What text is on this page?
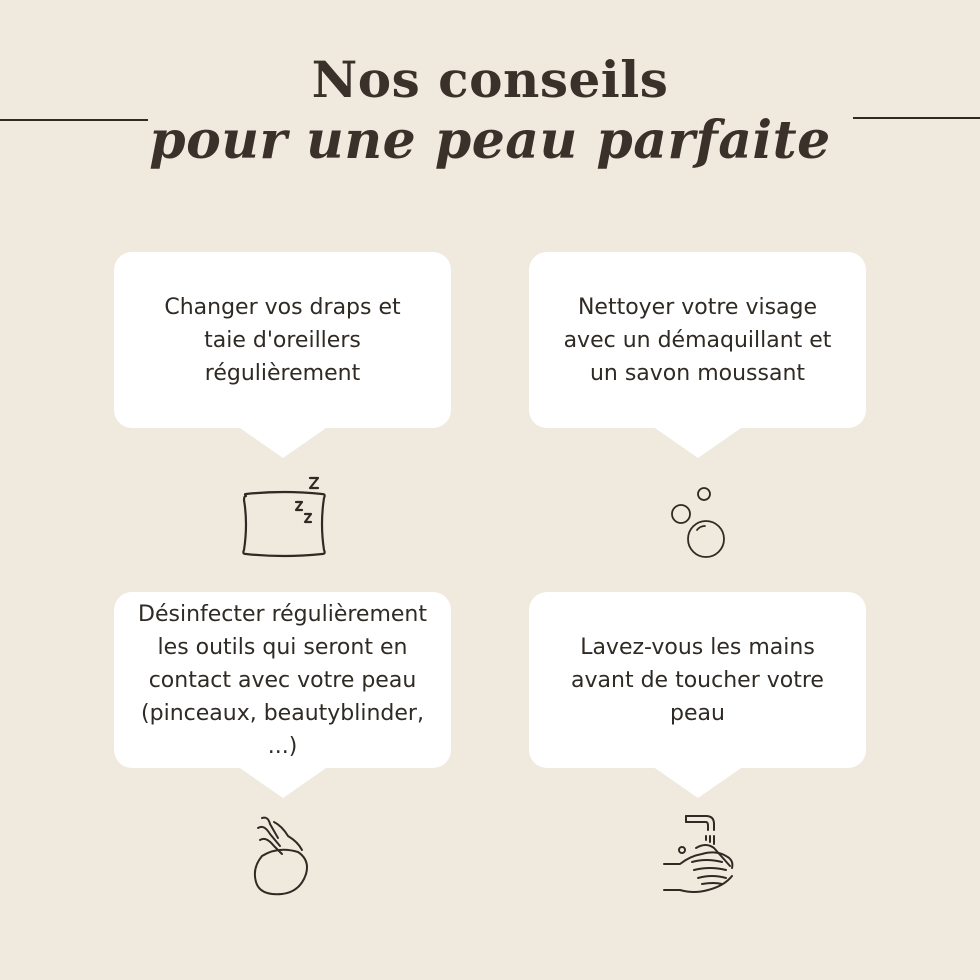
Nos conseils
pour une peau parfaite
Changer vos draps et
taie d'oreillers
régulièrement
Nettoyer votre visage
avec un démaquillant et
un savon moussant
Désinfecter régulièrement
les outils qui seront en
contact avec votre peau
(pinceaux, beautyblinder,
...)
Lavez-vous les mains
avant de toucher votre
peau
